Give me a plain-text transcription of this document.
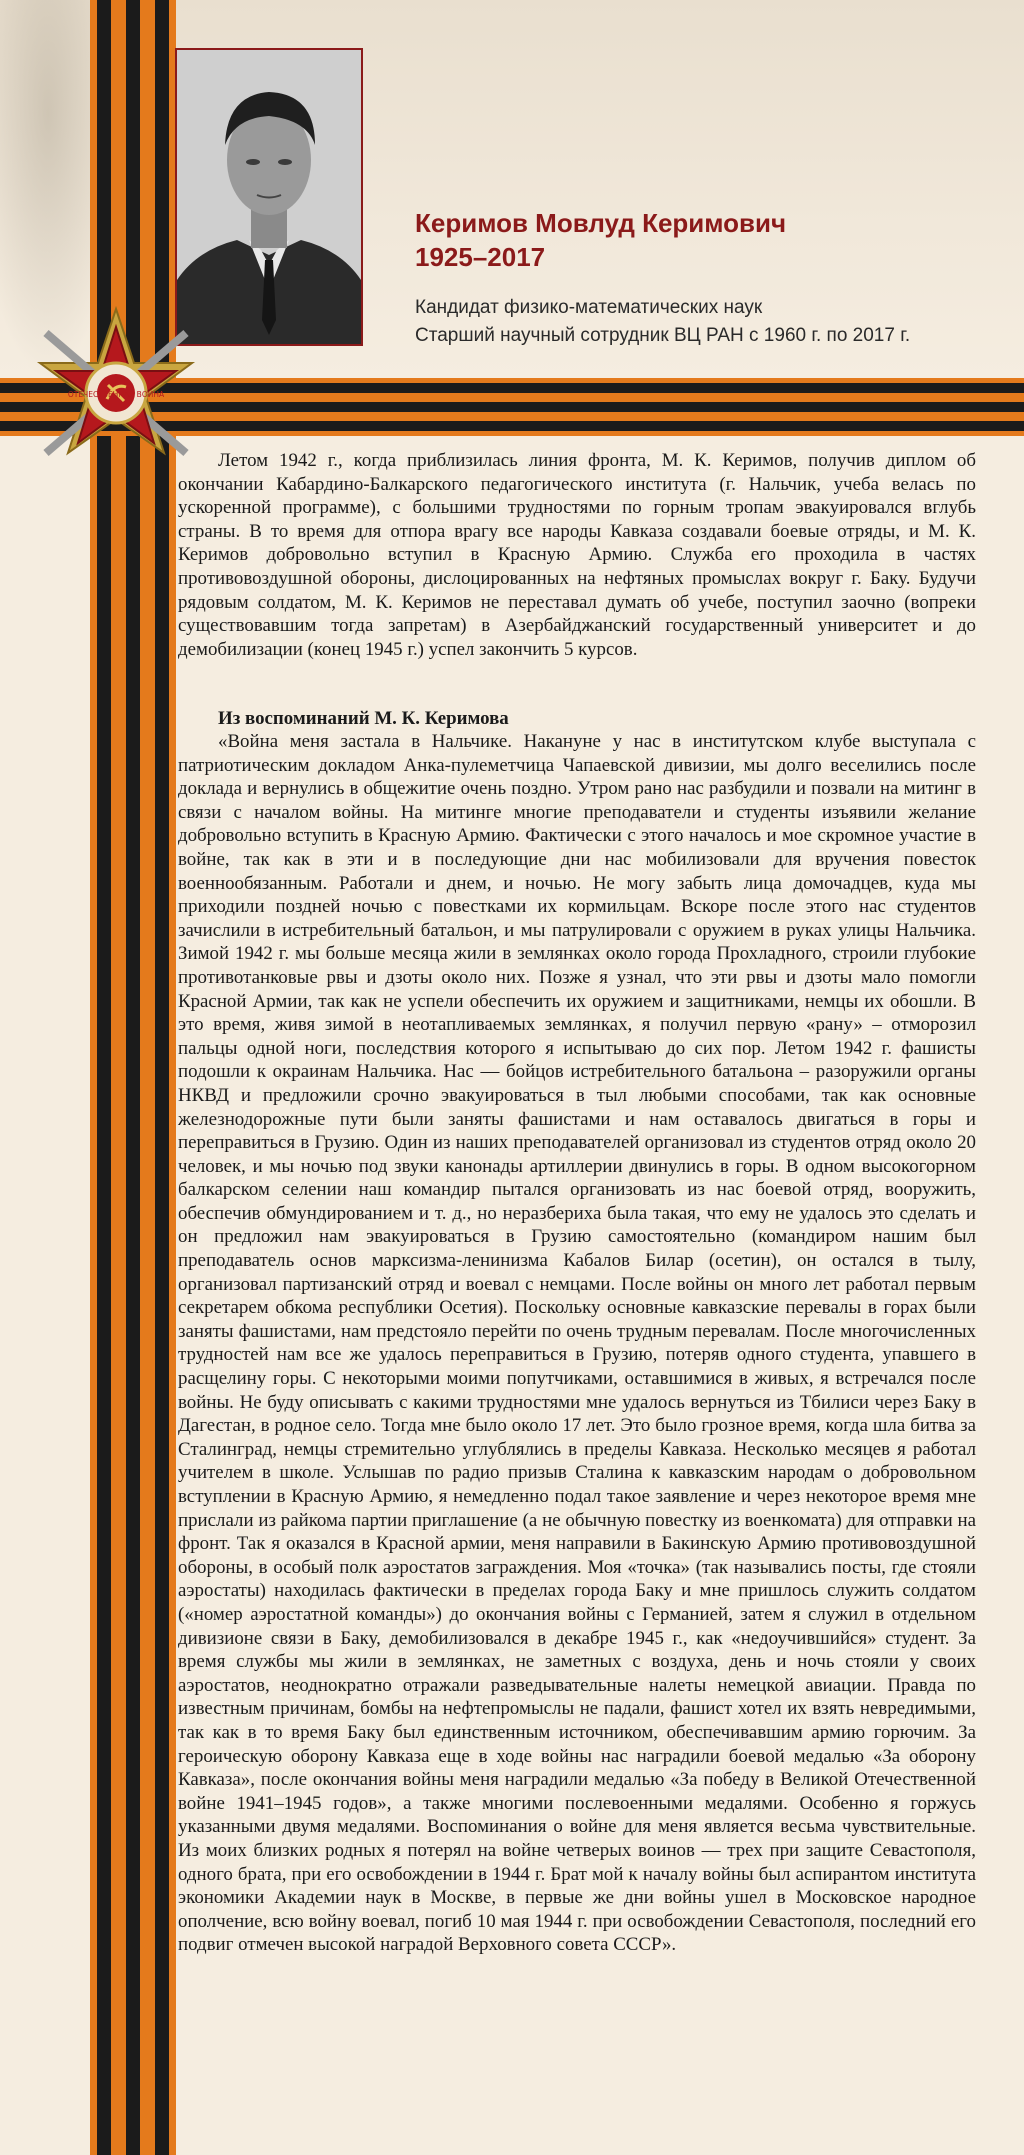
ОТЕЧЕСТВЕННАЯ ВОЙНА
Керимов Мовлуд Керимович
1925–2017
Кандидат физико-математических наук
Старший научный сотрудник ВЦ РАН с 1960 г. по 2017 г.
Летом 1942 г., когда приблизилась линия фронта, М. К. Керимов, получив диплом об окончании Кабардино-Балкарского педагогического института (г. Нальчик, учеба велась по ускоренной программе), с большими трудностями по горным тропам эвакуировался вглубь страны. В то время для отпора врагу все народы Кавказа создавали боевые отряды, и М. К. Керимов добровольно вступил в Красную Армию. Служба его проходила в частях противовоздушной обороны, дислоцированных на нефтяных промыслах вокруг г. Баку. Будучи рядовым солдатом, М. К. Керимов не переставал думать об учебе, поступил заочно (вопреки существовавшим тогда запретам) в Азербайджанский государственный университет и до демобилизации (конец 1945 г.) успел закончить 5 курсов.
Из воспоминаний М. К. Керимова
«Война меня застала в Нальчике. Накануне у нас в институтском клубе выступала с патриотическим докладом Анка-пулеметчица Чапаевской дивизии, мы долго веселились после доклада и вернулись в общежитие очень поздно. Утром рано нас разбудили и позвали на митинг в связи с началом войны. На митинге многие преподаватели и студенты изъявили желание добровольно вступить в Красную Армию. Фактически с этого началось и мое скромное участие в войне, так как в эти и в последующие дни нас мобилизовали для вручения повесток военнообязанным. Работали и днем, и ночью. Не могу забыть лица домочадцев, куда мы приходили поздней ночью с повестками их кормильцам. Вскоре после этого нас студентов зачислили в истребительный батальон, и мы патрулировали с оружием в руках улицы Нальчика. Зимой 1942 г. мы больше месяца жили в землянках около города Прохладного, строили глубокие противотанковые рвы и дзоты около них. Позже я узнал, что эти рвы и дзоты мало помогли Красной Армии, так как не успели обеспечить их оружием и защитниками, немцы их обошли. В это время, живя зимой в неотапливаемых землянках, я получил первую «рану» – отморозил пальцы одной ноги, последствия которого я испытываю до сих пор. Летом 1942 г. фашисты подошли к окраинам Нальчика. Нас — бойцов истребительного батальона – разоружили органы НКВД и предложили срочно эвакуироваться в тыл любыми способами, так как основные железнодорожные пути были заняты фашистами и нам оставалось двигаться в горы и переправиться в Грузию. Один из наших преподавателей организовал из студентов отряд около 20 человек, и мы ночью под звуки канонады артиллерии двинулись в горы. В одном высокогорном балкарском селении наш командир пытался организовать из нас боевой отряд, вооружить, обеспечив обмундированием и т. д., но неразбериха была такая, что ему не удалось это сделать и он предложил нам эвакуироваться в Грузию самостоятельно (командиром нашим был преподаватель основ марксизма-ленинизма Кабалов Билар (осетин), он остался в тылу, организовал партизанский отряд и воевал с немцами. После войны он много лет работал первым секретарем обкома республики Осетия). Поскольку основные кавказские перевалы в горах были заняты фашистами, нам предстояло перейти по очень трудным перевалам. После многочисленных трудностей нам все же удалось переправиться в Грузию, потеряв одного студента, упавшего в расщелину горы. С некоторыми моими попутчиками, оставшимися в живых, я встречался после войны. Не буду описывать с какими трудностями мне удалось вернуться из Тбилиси через Баку в Дагестан, в родное село. Тогда мне было около 17 лет. Это было грозное время, когда шла битва за Сталинград, немцы стремительно углублялись в пределы Кавказа. Несколько месяцев я работал учителем в школе. Услышав по радио призыв Сталина к кавказским народам о добровольном вступлении в Красную Армию, я немедленно подал такое заявление и через некоторое время мне прислали из райкома партии приглашение (а не обычную повестку из военкомата) для отправки на фронт. Так я оказался в Красной армии, меня направили в Бакинскую Армию противовоздушной обороны, в особый полк аэростатов заграждения. Моя «точка» (так назывались посты, где стояли аэростаты) находилась фактически в пределах города Баку и мне пришлось служить солдатом («номер аэростатной команды») до окончания войны с Германией, затем я служил в отдельном дивизионе связи в Баку, демобилизовался в декабре 1945 г., как «недоучившийся» студент. За время службы мы жили в землянках, не заметных с воздуха, день и ночь стояли у своих аэростатов, неоднократно отражали разведывательные налеты немецкой авиации. Правда по известным причинам, бомбы на нефтепромыслы не падали, фашист хотел их взять невредимыми, так как в то время Баку был единственным источником, обеспечивавшим армию горючим. За героическую оборону Кавказа еще в ходе войны нас наградили боевой медалью «За оборону Кавказа», после окончания войны меня наградили медалью «За победу в Великой Отечественной войне 1941–1945 годов», а также многими послевоенными медалями. Особенно я горжусь указанными двумя медалями. Воспоминания о войне для меня является весьма чувствительные. Из моих близких родных я потерял на войне четверых воинов — трех при защите Севастополя, одного брата, при его освобождении в 1944 г. Брат мой к началу войны был аспирантом института экономики Академии наук в Москве, в первые же дни войны ушел в Московское народное ополчение, всю войну воевал, погиб 10 мая 1944 г. при освобождении Севастополя, последний его подвиг отмечен высокой наградой Верховного совета СССР».
